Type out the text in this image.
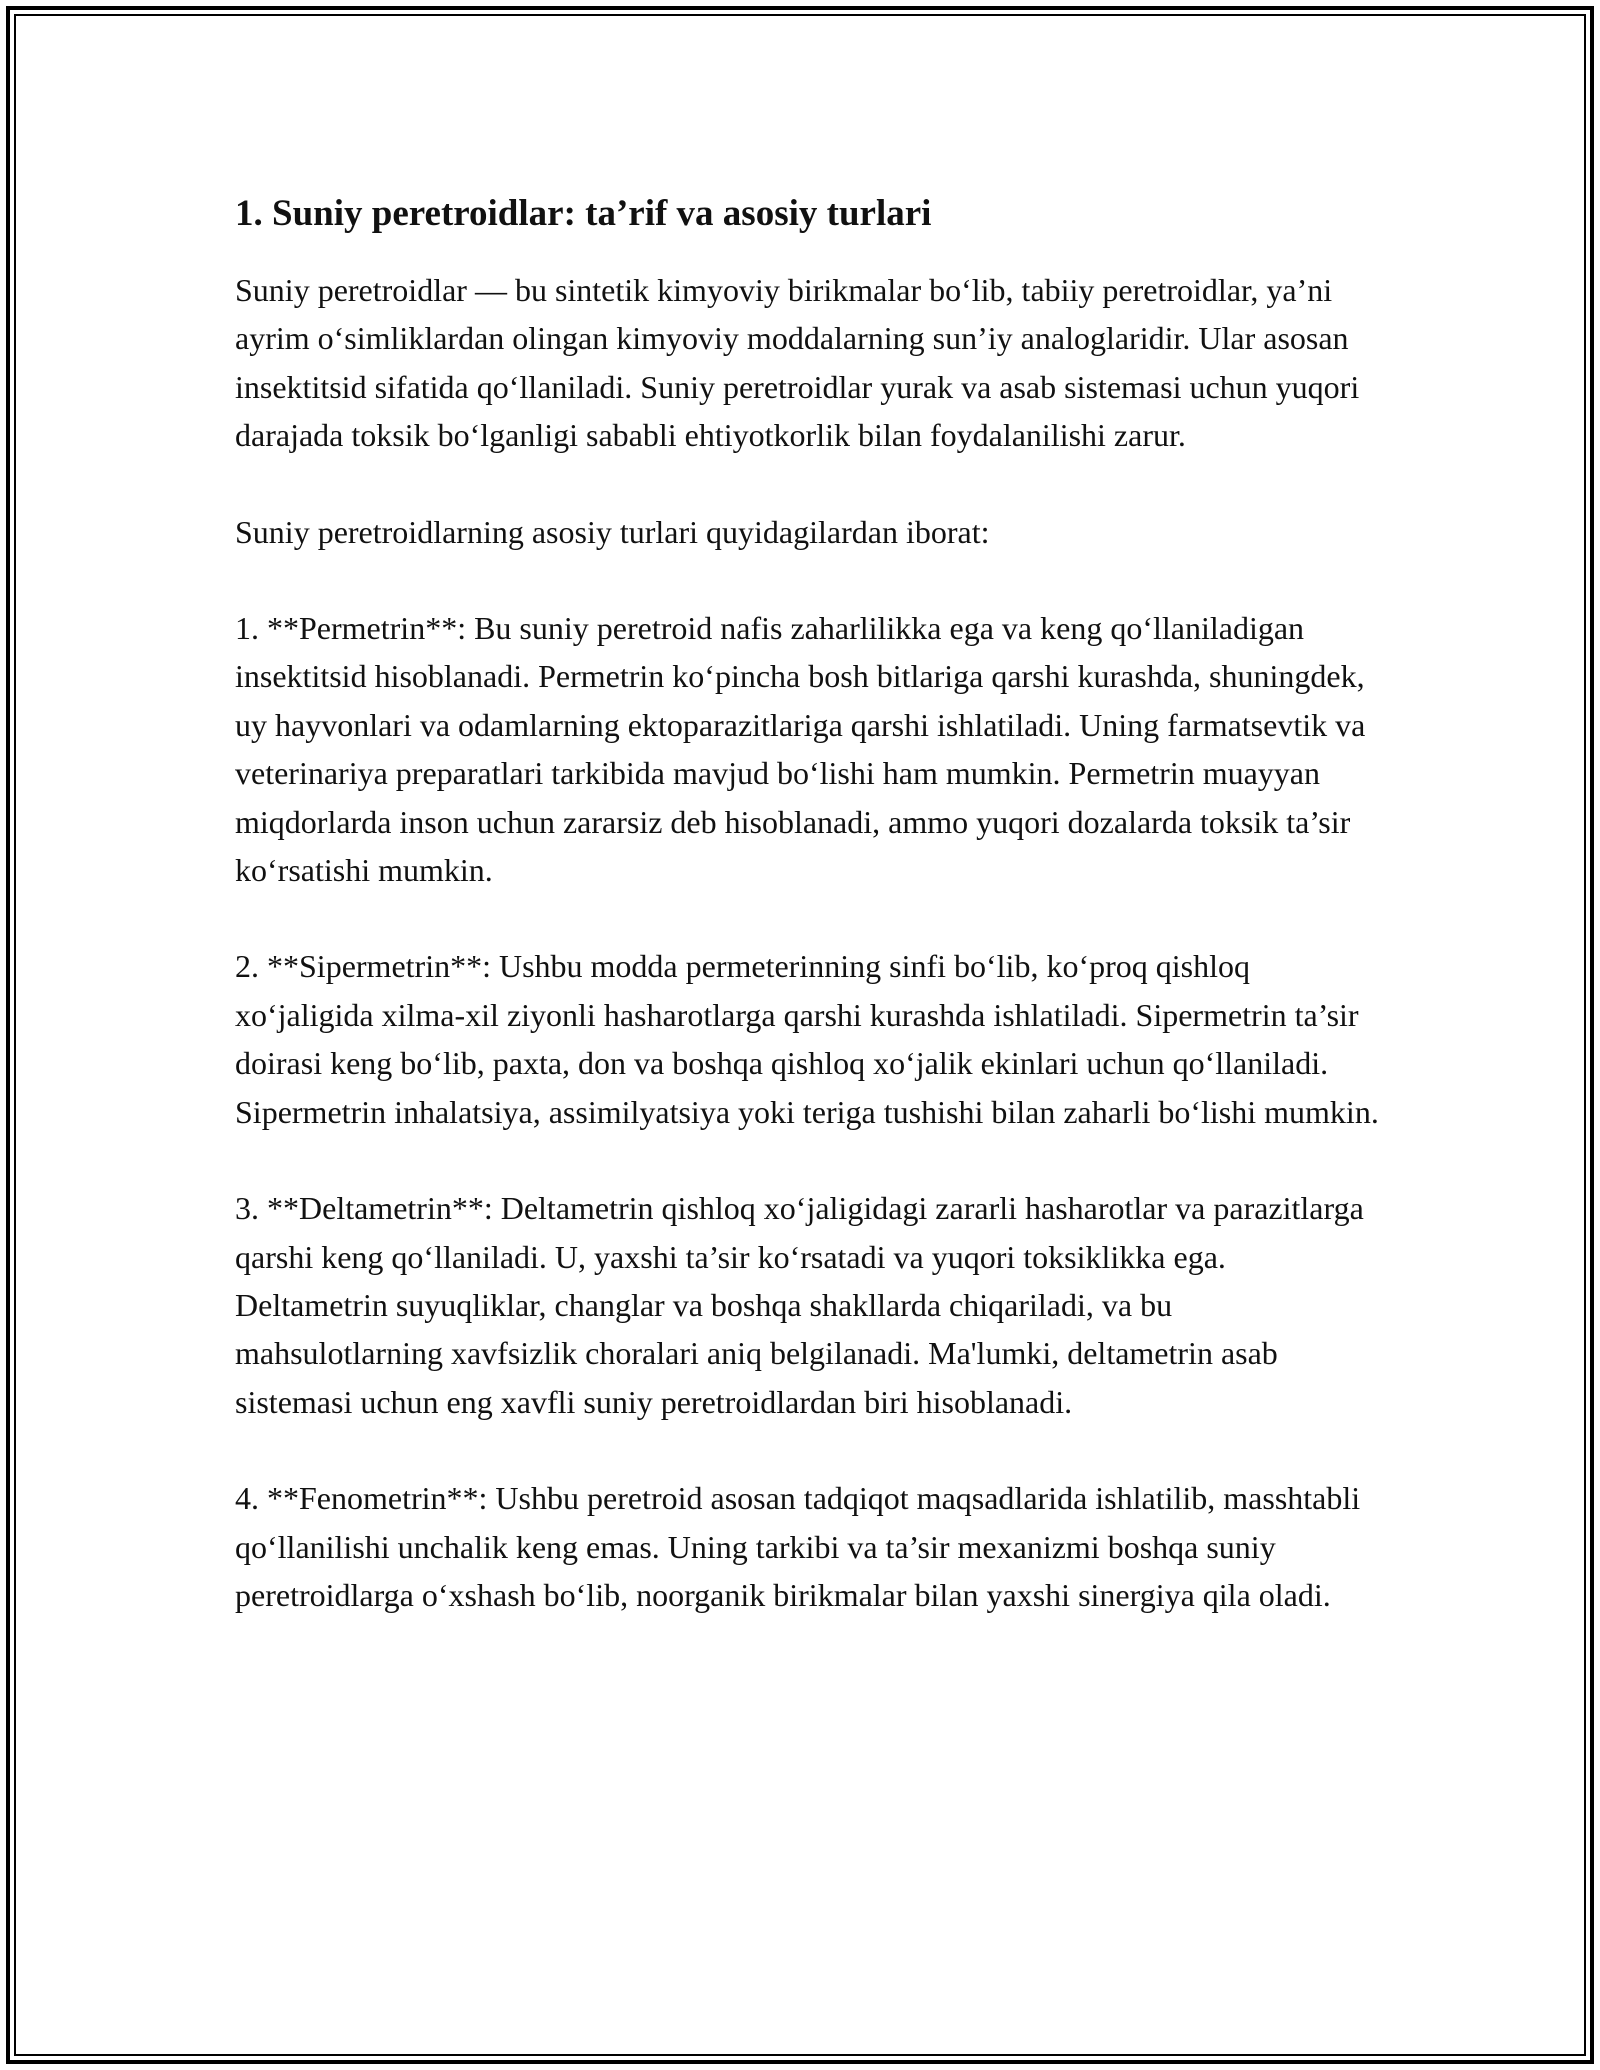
1. Suniy peretroidlar: ta’rif va asosiy turlari

Suniy peretroidlar — bu sintetik kimyoviy birikmalar bo‘lib, tabiiy peretroidlar, ya’ni ayrim o‘simliklardan olingan kimyoviy moddalarning sun’iy analoglaridir. Ular asosan insektitsid sifatida qo‘llaniladi. Suniy peretroidlar yurak va asab sistemasi uchun yuqori darajada toksik bo‘lganligi sababli ehtiyotkorlik bilan foydalanilishi zarur.

Suniy peretroidlarning asosiy turlari quyidagilardan iborat:

1. **Permetrin**: Bu suniy peretroid nafis zaharlilikka ega va keng qo‘llaniladigan insektitsid hisoblanadi. Permetrin ko‘pincha bosh bitlariga qarshi kurashda, shuningdek, uy hayvonlari va odamlarning ektoparazitlariga qarshi ishlatiladi. Uning farmatsevtik va veterinariya preparatlari tarkibida mavjud bo‘lishi ham mumkin. Permetrin muayyan miqdorlarda inson uchun zararsiz deb hisoblanadi, ammo yuqori dozalarda toksik ta’sir ko‘rsatishi mumkin.

2. **Sipermetrin**: Ushbu modda permeterinning sinfi bo‘lib, ko‘proq qishloq xo‘jaligida xilma-xil ziyonli hasharotlarga qarshi kurashda ishlatiladi. Sipermetrin ta’sir doirasi keng bo‘lib, paxta, don va boshqa qishloq xo‘jalik ekinlari uchun qo‘llaniladi. Sipermetrin inhalatsiya, assimilyatsiya yoki teriga tushishi bilan zaharli bo‘lishi mumkin.

3. **Deltametrin**: Deltametrin qishloq xo‘jaligidagi zararli hasharotlar va parazitlarga qarshi keng qo‘llaniladi. U, yaxshi ta’sir ko‘rsatadi va yuqori toksiklikka ega. Deltametrin suyuqliklar, changlar va boshqa shakllarda chiqariladi, va bu mahsulotlarning xavfsizlik choralari aniq belgilanadi. Ma'lumki, deltametrin asab sistemasi uchun eng xavfli suniy peretroidlardan biri hisoblanadi.

4. **Fenometrin**: Ushbu peretroid asosan tadqiqot maqsadlarida ishlatilib, masshtabli qo‘llanilishi unchalik keng emas. Uning tarkibi va ta’sir mexanizmi boshqa suniy peretroidlarga o‘xshash bo‘lib, noorganik birikmalar bilan yaxshi sinergiya qila oladi.
